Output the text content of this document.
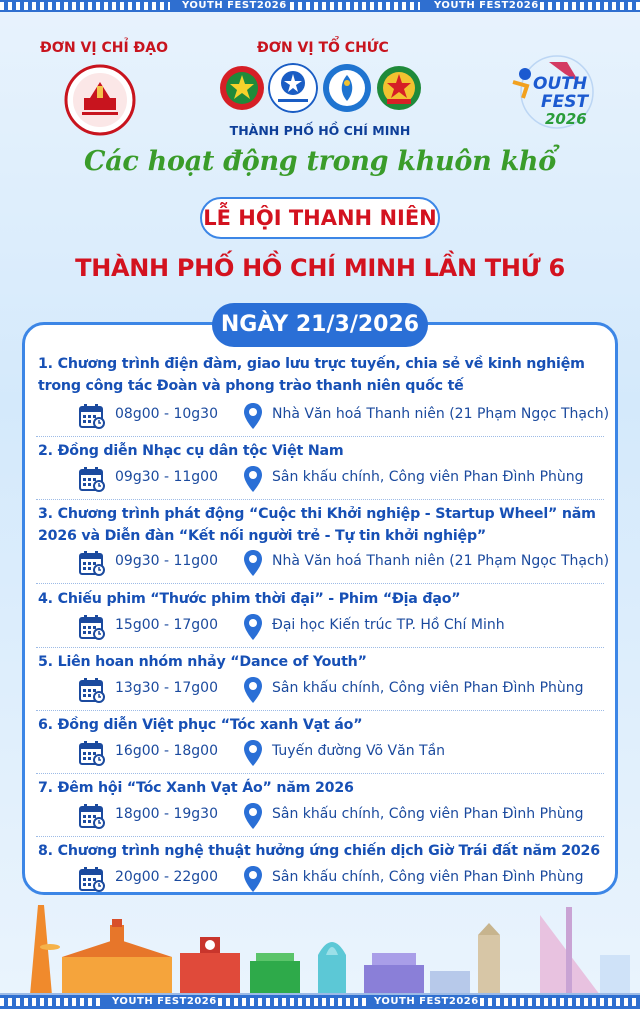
YOUTH FEST2026	YOUTH FEST2026
ĐƠN VỊ CHỈ ĐẠO	ĐƠN VỊ TỔ CHỨC
THÀNH PHỐ HỒ CHÍ MINH
OUTH
FEST
2026
Các hoạt động trong khuôn khổ
LỄ HỘI THANH NIÊN
THÀNH PHỐ HỒ CHÍ MINH LẦN THỨ 6
NGÀY 21/3/2026
1. Chương trình điện đàm, giao lưu trực tuyến, chia sẻ về kinh nghiệm trong công tác Đoàn và phong trào thanh niên quốc tế
08g00 - 10g30	Nhà Văn hoá Thanh niên (21 Phạm Ngọc Thạch)
2. Đồng diễn Nhạc cụ dân tộc Việt Nam
09g30 - 11g00	Sân khấu chính, Công viên Phan Đình Phùng
3. Chương trình phát động “Cuộc thi Khởi nghiệp - Startup Wheel” năm 2026 và Diễn đàn “Kết nối người trẻ - Tự tin khởi nghiệp”
09g30 - 11g00	Nhà Văn hoá Thanh niên (21 Phạm Ngọc Thạch)
4. Chiếu phim “Thước phim thời đại” - Phim “Địa đạo”
15g00 - 17g00	Đại học Kiến trúc TP. Hồ Chí Minh
5. Liên hoan nhóm nhảy “Dance of Youth”
13g30 - 17g00	Sân khấu chính, Công viên Phan Đình Phùng
6. Đồng diễn Việt phục “Tóc xanh Vạt áo”
16g00 - 18g00	Tuyến đường Võ Văn Tần
7. Đêm hội “Tóc Xanh Vạt Áo” năm 2026
18g00 - 19g30	Sân khấu chính, Công viên Phan Đình Phùng
8. Chương trình nghệ thuật hưởng ứng chiến dịch Giờ Trái đất năm 2026
20g00 - 22g00	Sân khấu chính, Công viên Phan Đình Phùng
YOUTH FEST2026	YOUTH FEST2026
